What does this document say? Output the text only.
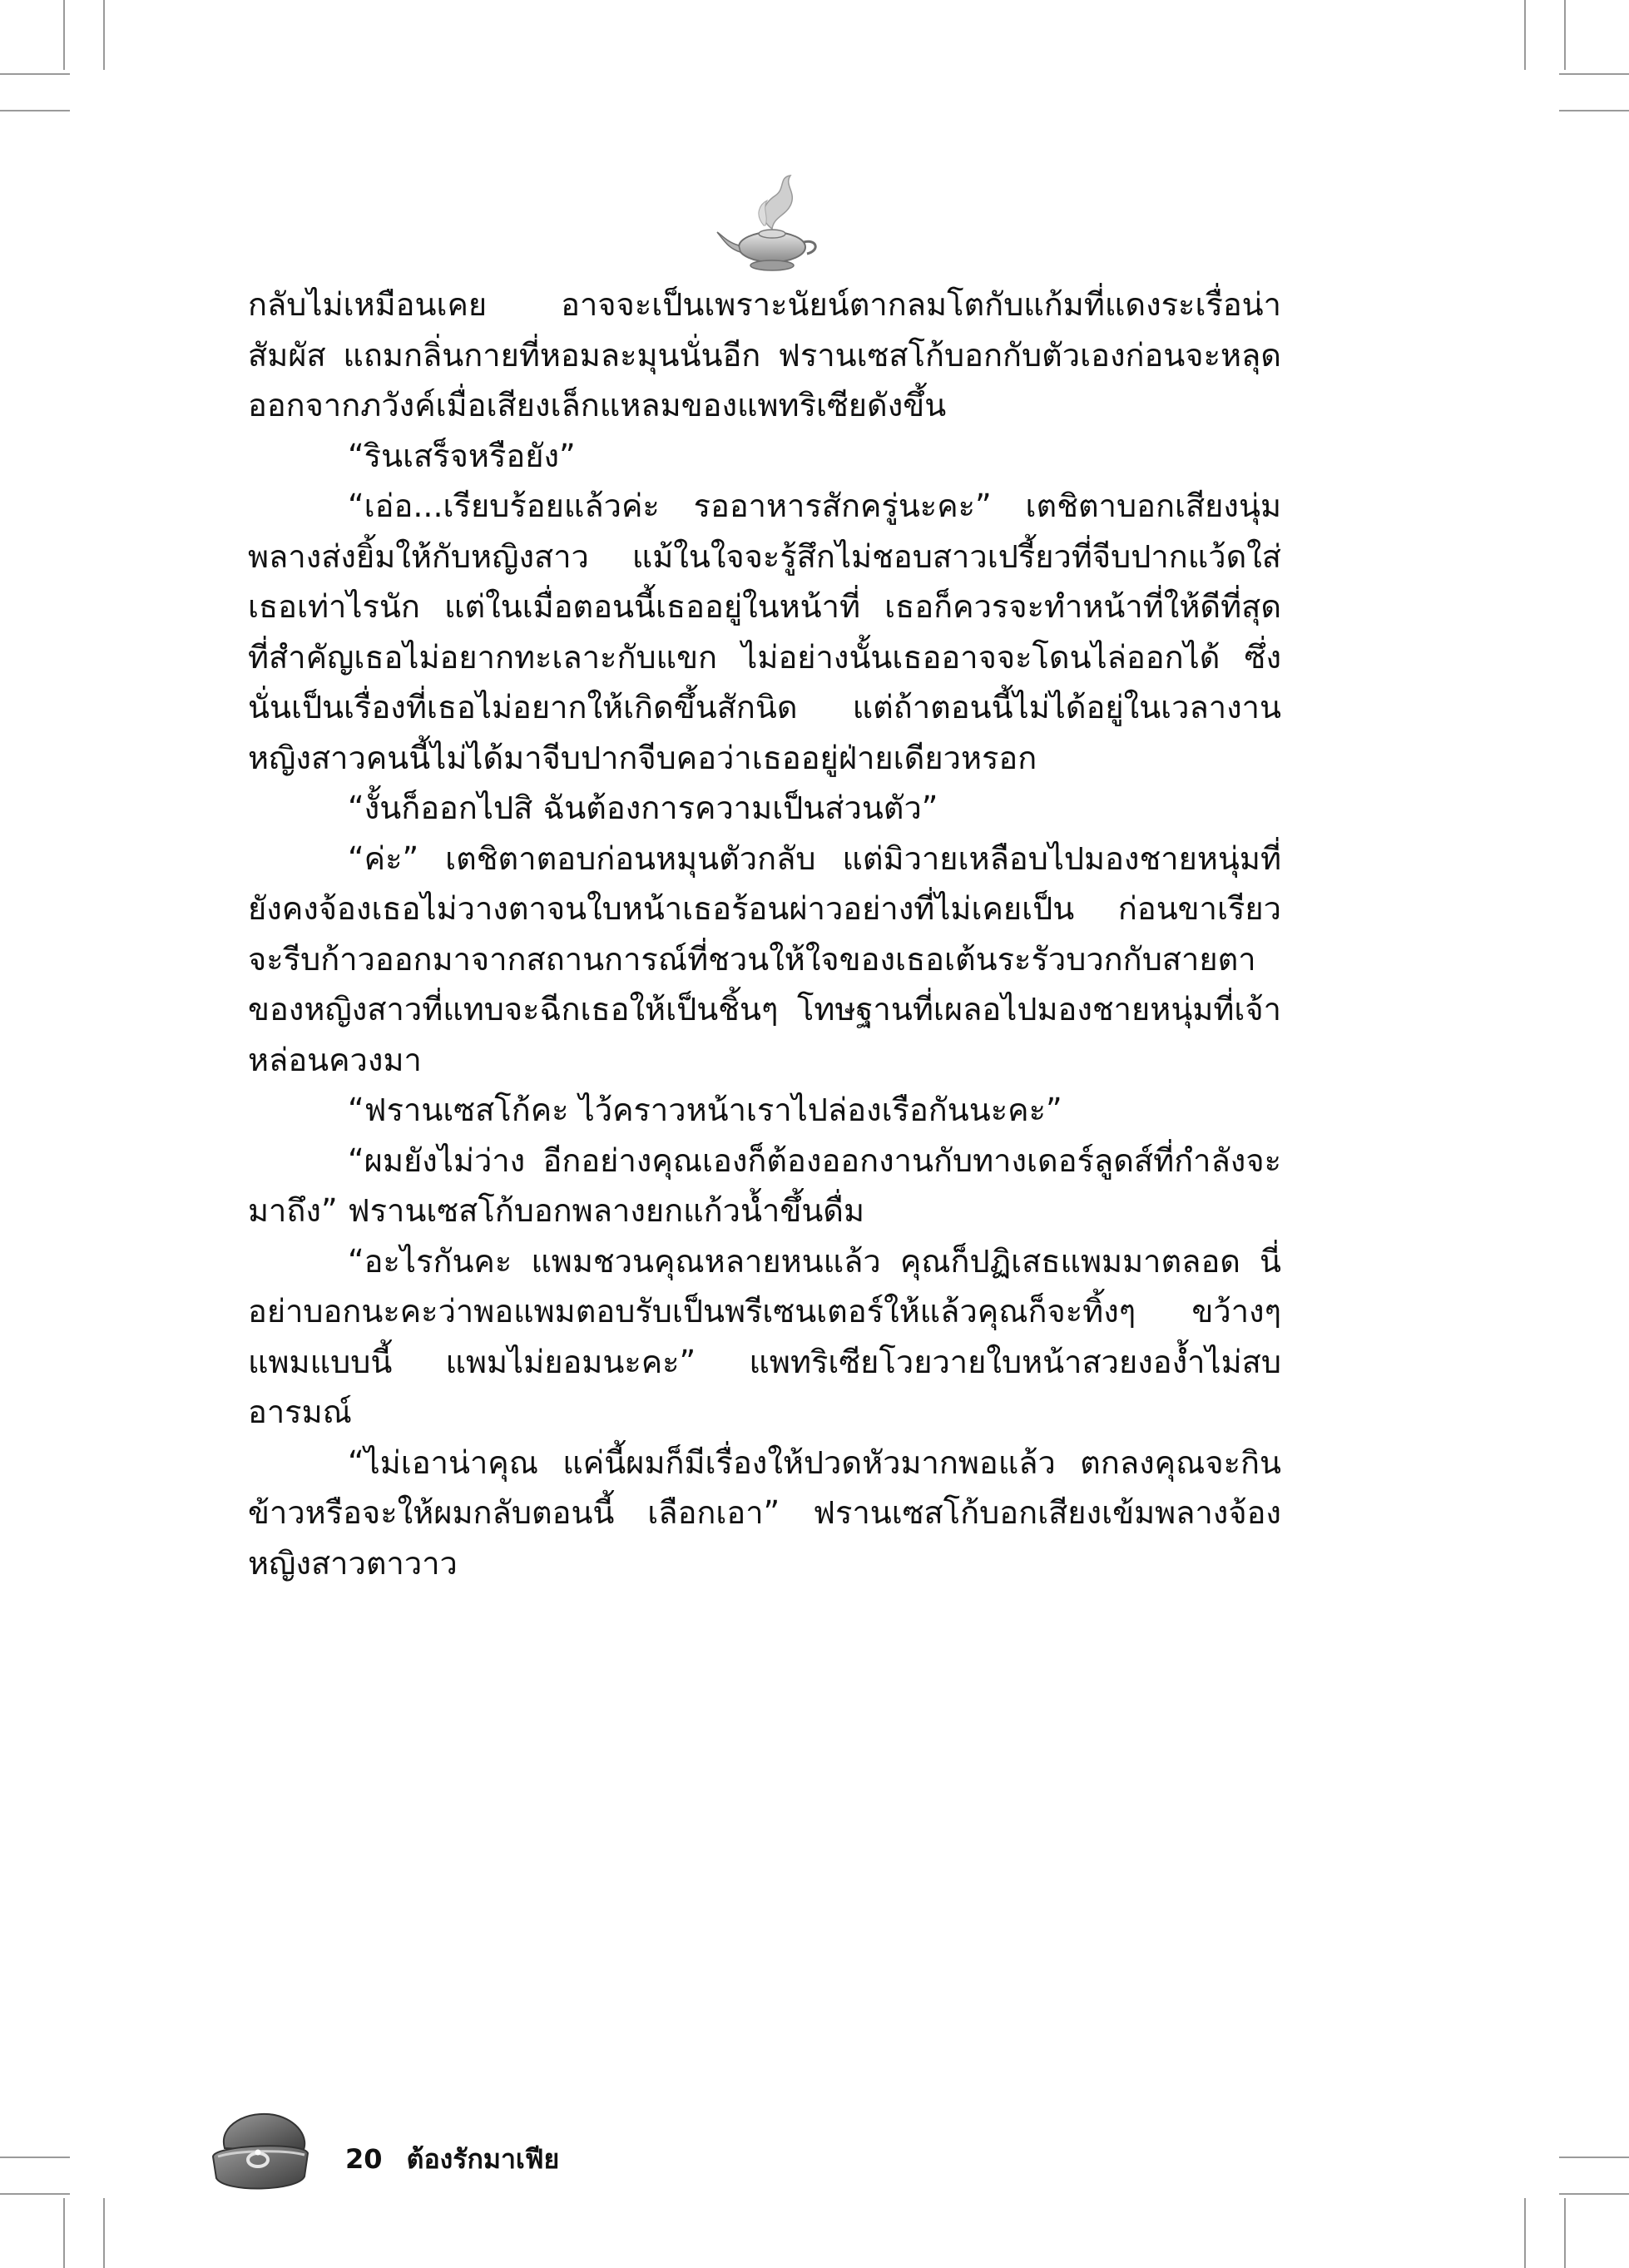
กลับไม่เหมือนเคย อาจจะเป็นเพราะนัยน์ตากลมโตกับแก้มที่แดงระเรื่อน่าสัมผัส แถมกลิ่นกายที่หอมละมุนนั่นอีก ฟรานเซสโก้บอกกับตัวเองก่อนจะหลุดออกจากภวังค์เมื่อเสียงเล็กแหลมของแพทริเซียดังขึ้น

“รินเสร็จหรือยัง”

“เอ่อ...เรียบร้อยแล้วค่ะ รออาหารสักครู่นะคะ” เตชิตาบอกเสียงนุ่มพลางส่งยิ้มให้กับหญิงสาว แม้ในใจจะรู้สึกไม่ชอบสาวเปรี้ยวที่จีบปากแว้ดใส่เธอเท่าไรนัก แต่ในเมื่อตอนนี้เธออยู่ในหน้าที่ เธอก็ควรจะทำหน้าที่ให้ดีที่สุด ที่สำคัญเธอไม่อยากทะเลาะกับแขก ไม่อย่างนั้นเธออาจจะโดนไล่ออกได้ ซึ่งนั่นเป็นเรื่องที่เธอไม่อยากให้เกิดขึ้นสักนิด แต่ถ้าตอนนี้ไม่ได้อยู่ในเวลางาน หญิงสาวคนนี้ไม่ได้มาจีบปากจีบคอว่าเธออยู่ฝ่ายเดียวหรอก

“งั้นก็ออกไปสิ ฉันต้องการความเป็นส่วนตัว”

“ค่ะ” เตชิตาตอบก่อนหมุนตัวกลับ แต่มิวายเหลือบไปมองชายหนุ่มที่ยังคงจ้องเธอไม่วางตาจนใบหน้าเธอร้อนผ่าวอย่างที่ไม่เคยเป็น ก่อนขาเรียวจะรีบก้าวออกมาจากสถานการณ์ที่ชวนให้ใจของเธอเต้นระรัวบวกกับสายตาของหญิงสาวที่แทบจะฉีกเธอให้เป็นชิ้นๆ โทษฐานที่เผลอไปมองชายหนุ่มที่เจ้าหล่อนควงมา

“ฟรานเซสโก้คะ ไว้คราวหน้าเราไปล่องเรือกันนะคะ”

“ผมยังไม่ว่าง อีกอย่างคุณเองก็ต้องออกงานกับทางเดอร์ลูดส์ที่กำลังจะมาถึง” ฟรานเซสโก้บอกพลางยกแก้วน้ำขึ้นดื่ม

“อะไรกันคะ แพมชวนคุณหลายหนแล้ว คุณก็ปฏิเสธแพมมาตลอด นี่อย่าบอกนะคะว่าพอแพมตอบรับเป็นพรีเซนเตอร์ให้แล้วคุณก็จะทิ้งๆ ขว้างๆ แพมแบบนี้ แพมไม่ยอมนะคะ” แพทริเซียโวยวายใบหน้าสวยงอง้ำไม่สบอารมณ์

“ไม่เอาน่าคุณ แค่นี้ผมก็มีเรื่องให้ปวดหัวมากพอแล้ว ตกลงคุณจะกินข้าวหรือจะให้ผมกลับตอนนี้ เลือกเอา” ฟรานเซสโก้บอกเสียงเข้มพลางจ้องหญิงสาวตาวาว

20 ต้องรักมาเฟีย
